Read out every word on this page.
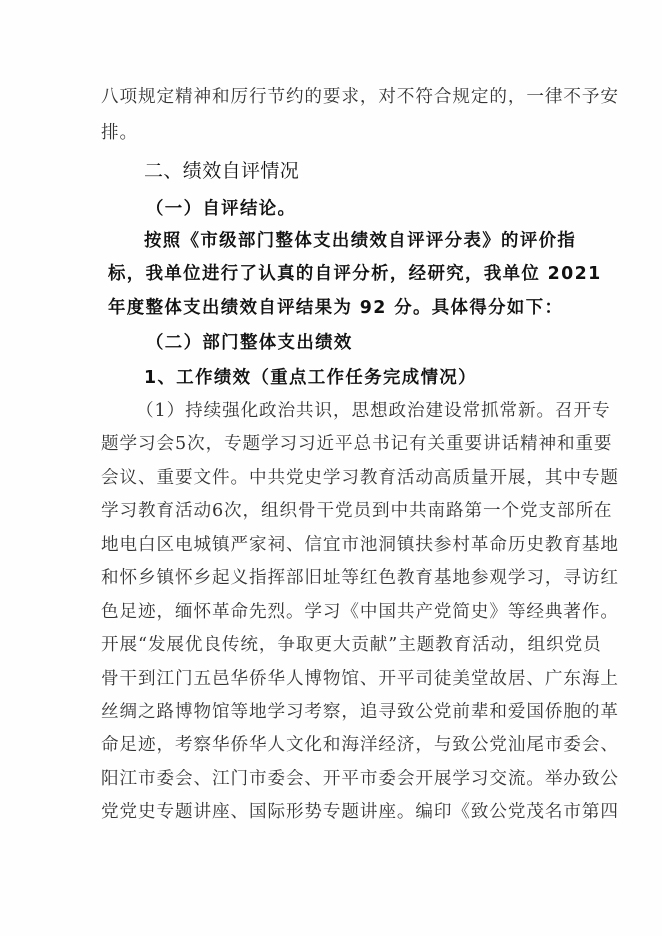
八项规定精神和厉行节约的要求，对不符合规定的，一律不予安
排。
二、绩效自评情况
（一）自评结论。
按照《市级部门整体支出绩效自评评分表》的评价指
标，我单位进行了认真的自评分析，经研究，我单位 2021
年度整体支出绩效自评结果为 92 分。具体得分如下：
（二）部门整体支出绩效
1、工作绩效（重点工作任务完成情况）
（1）持续强化政治共识，思想政治建设常抓常新。召开专
题学习会5次，专题学习习近平总书记有关重要讲话精神和重要
会议、重要文件。中共党史学习教育活动高质量开展，其中专题
学习教育活动6次，组织骨干党员到中共南路第一个党支部所在
地电白区电城镇严家祠、信宜市池洞镇扶参村革命历史教育基地
和怀乡镇怀乡起义指挥部旧址等红色教育基地参观学习，寻访红
色足迹，缅怀革命先烈。学习《中国共产党简史》等经典著作。
开展“发展优良传统，争取更大贡献”主题教育活动，组织党员
骨干到江门五邑华侨华人博物馆、开平司徒美堂故居、广东海上
丝绸之路博物馆等地学习考察，追寻致公党前辈和爱国侨胞的革
命足迹，考察华侨华人文化和海洋经济，与致公党汕尾市委会、
阳江市委会、江门市委会、开平市委会开展学习交流。举办致公
党党史专题讲座、国际形势专题讲座。编印《致公党茂名市第四
